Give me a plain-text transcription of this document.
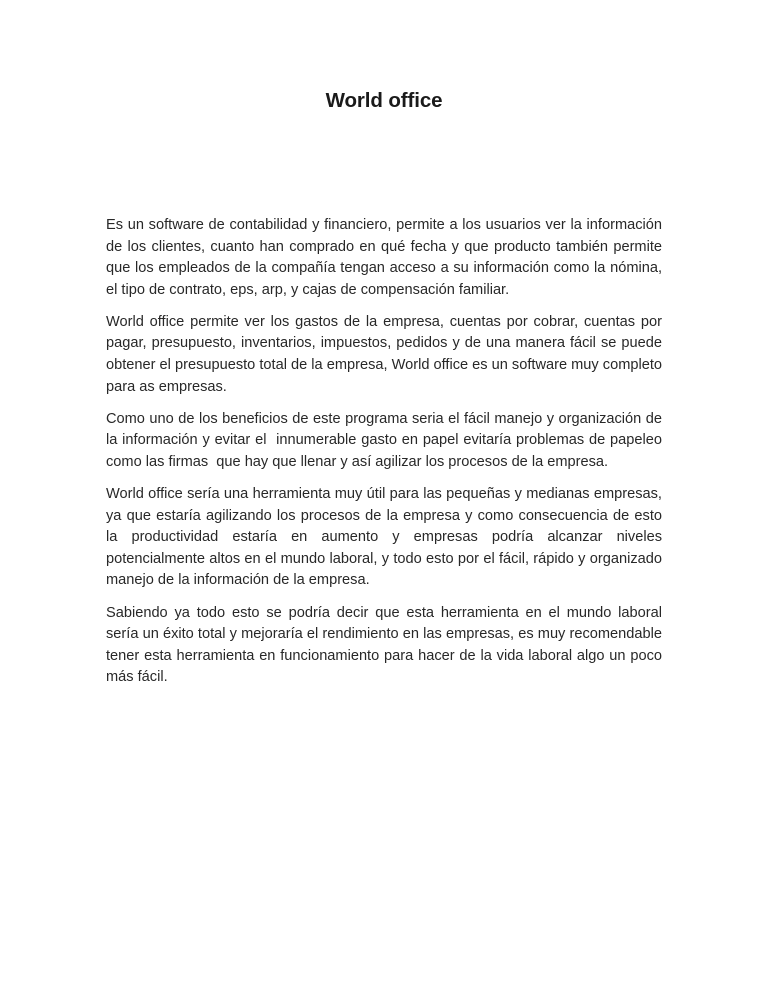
World office

Es un software de contabilidad y financiero, permite a los usuarios ver la información de los clientes, cuanto han comprado en qué fecha y que producto también permite que los empleados de la compañía tengan acceso a su información como la nómina, el tipo de contrato, eps, arp, y cajas de compensación familiar.

World office permite ver los gastos de la empresa, cuentas por cobrar, cuentas por pagar, presupuesto, inventarios, impuestos, pedidos y de una manera fácil se puede obtener el presupuesto total de la empresa, World office es un software muy completo para as empresas.

Como uno de los beneficios de este programa seria el fácil manejo y organización de la información y evitar el  innumerable gasto en papel evitaría problemas de papeleo como las firmas  que hay que llenar y así agilizar los procesos de la empresa.

World office sería una herramienta muy útil para las pequeñas y medianas empresas, ya que estaría agilizando los procesos de la empresa y como consecuencia de esto la productividad estaría en aumento y empresas podría alcanzar niveles potencialmente altos en el mundo laboral, y todo esto por el fácil, rápido y organizado manejo de la información de la empresa.

Sabiendo ya todo esto se podría decir que esta herramienta en el mundo laboral sería un éxito total y mejoraría el rendimiento en las empresas, es muy recomendable tener esta herramienta en funcionamiento para hacer de la vida laboral algo un poco más fácil.
